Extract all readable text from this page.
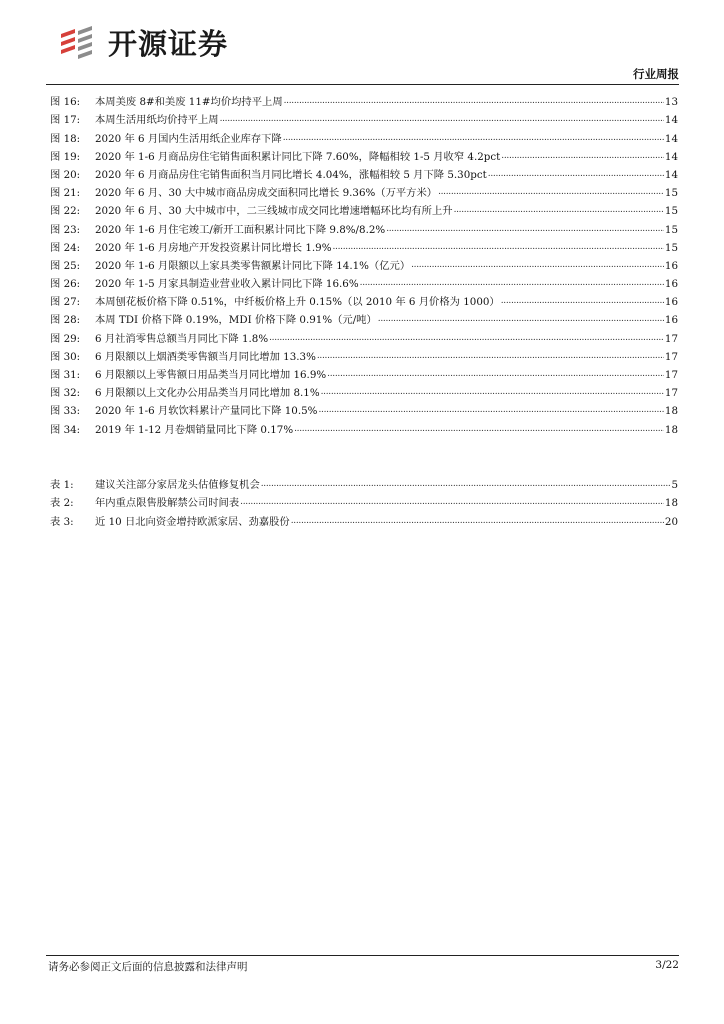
开源证券
行业周报
图 16:	本周美废 8#和美废 11#均价均持平上周 .....	13
图 17:	本周生活用纸均价持平上周 .....	14
图 18:	2020 年 6 月国内生活用纸企业库存下降 .....	14
图 19:	2020 年 1-6 月商品房住宅销售面积累计同比下降 7.60%，降幅相较 1-5 月收窄 4.2pct .....	14
图 20:	2020 年 6 月商品房住宅销售面积当月同比增长 4.04%，涨幅相较 5 月下降 5.30pct .....	14
图 21:	2020 年 6 月、30 大中城市商品房成交面积同比增长 9.36%（万平方米） .....	15
图 22:	2020 年 6 月、30 大中城市中，二三线城市成交同比增速增幅环比均有所上升 .....	15
图 23:	2020 年 1-6 月住宅竣工/新开工面积累计同比下降 9.8%/8.2% .....	15
图 24:	2020 年 1-6 月房地产开发投资累计同比增长 1.9% .....	15
图 25:	2020 年 1-6 月限额以上家具类零售额累计同比下降 14.1%（亿元） .....	16
图 26:	2020 年 1-5 月家具制造业营业收入累计同比下降 16.6% .....	16
图 27:	本周刨花板价格下降 0.51%，中纤板价格上升 0.15%（以 2010 年 6 月价格为 1000） .....	16
图 28:	本周 TDI 价格下降 0.19%，MDI 价格下降 0.91%（元/吨） .....	16
图 29:	6 月社消零售总额当月同比下降 1.8% .....	17
图 30:	6 月限额以上烟酒类零售额当月同比增加 13.3% .....	17
图 31:	6 月限额以上零售额日用品类当月同比增加 16.9% .....	17
图 32:	6 月限额以上文化办公用品类当月同比增加 8.1% .....	17
图 33:	2020 年 1-6 月软饮料累计产量同比下降 10.5% .....	18
图 34:	2019 年 1-12 月卷烟销量同比下降 0.17% .....	18
表 1:	建议关注部分家居龙头估值修复机会 .....	5
表 2:	年内重点限售股解禁公司时间表 .....	18
表 3:	近 10 日北向资金增持欧派家居、劲嘉股份 .....	20
请务必参阅正文后面的信息披露和法律声明	3/22
